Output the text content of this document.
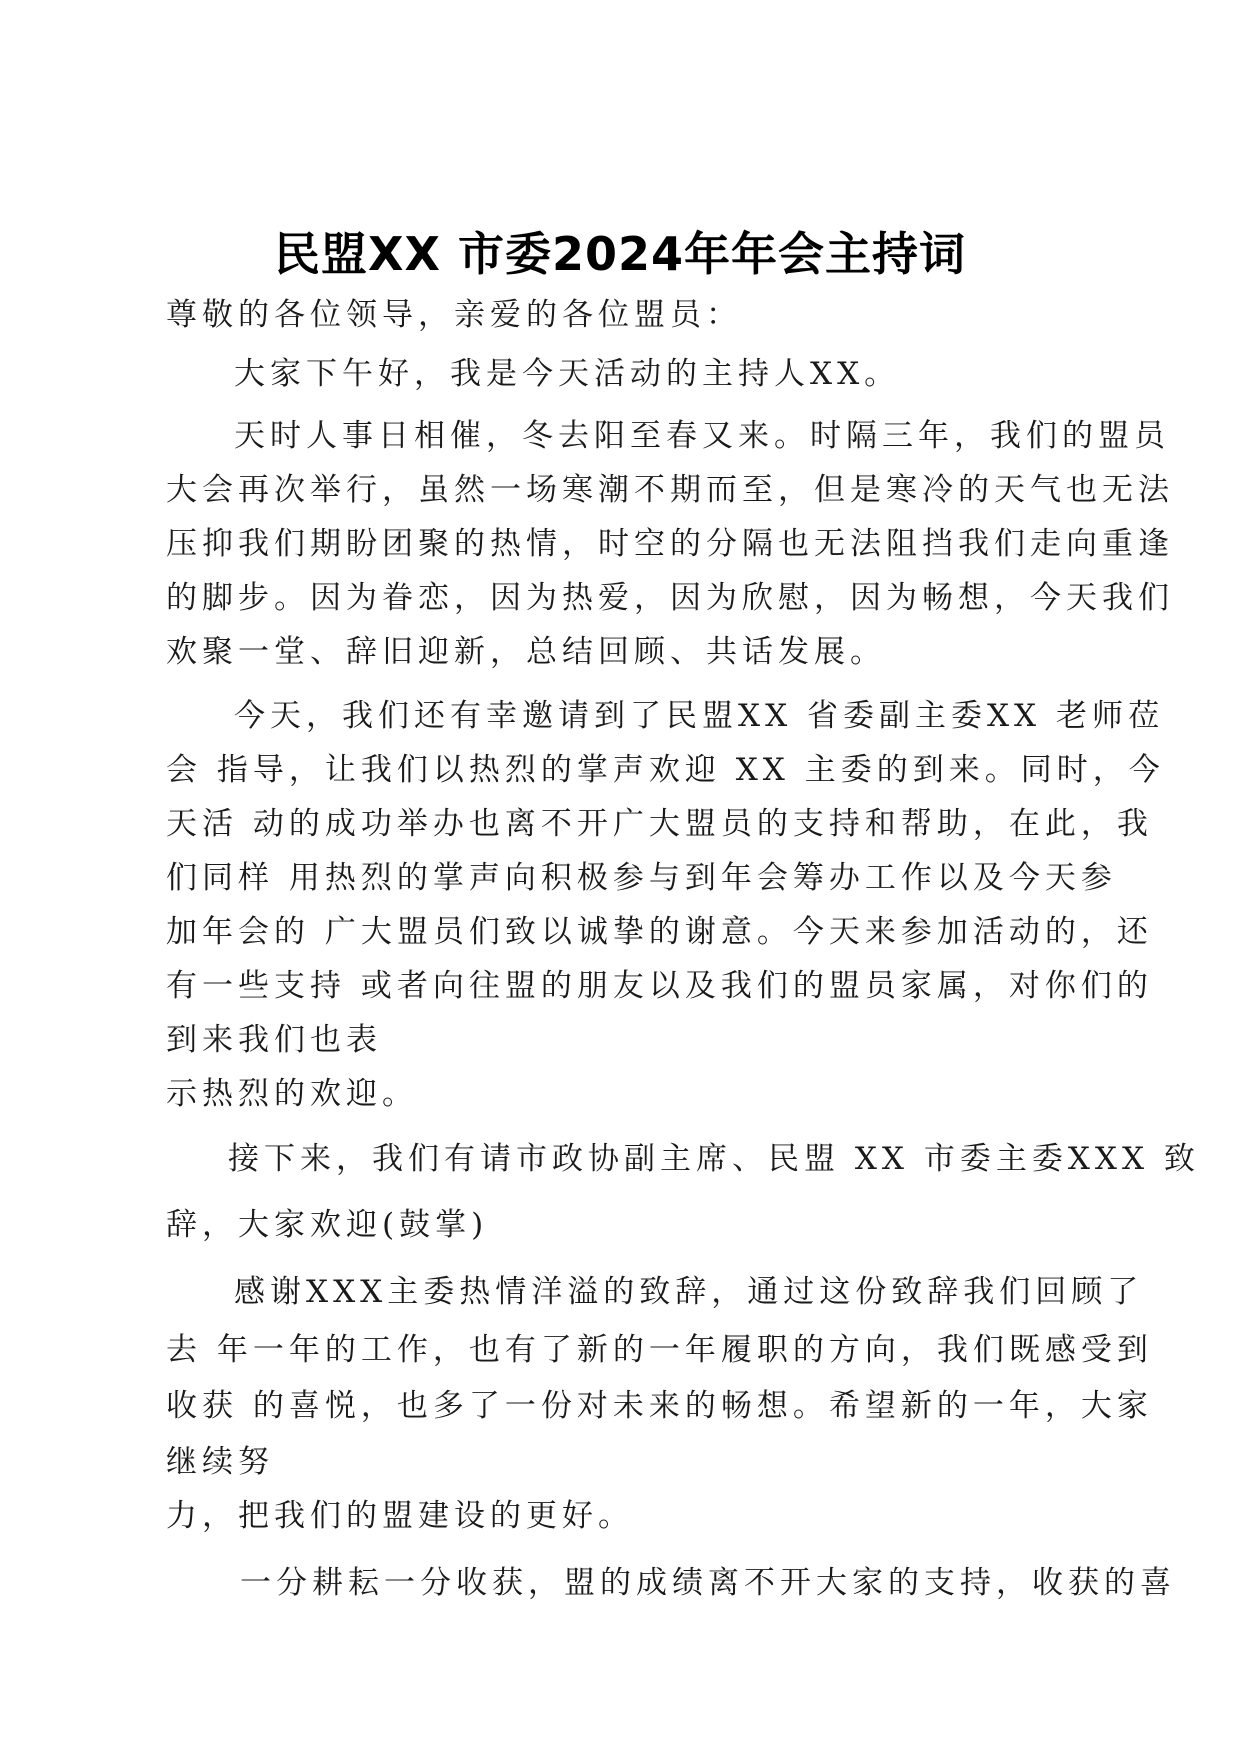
民盟XX 市委2024年年会主持词
尊敬的各位领导，亲爱的各位盟员：
大家下午好，我是今天活动的主持人XX。
天时人事日相催，冬去阳至春又来。时隔三年，我们的盟员
大会再次举行，虽然一场寒潮不期而至，但是寒冷的天气也无法
压抑我们期盼团聚的热情，时空的分隔也无法阻挡我们走向重逢
的脚步。因为眷恋，因为热爱，因为欣慰，因为畅想，今天我们
欢聚一堂、辞旧迎新，总结回顾、共话发展。
今天，我们还有幸邀请到了民盟XX 省委副主委XX 老师莅
会 指导，让我们以热烈的掌声欢迎 XX 主委的到来。同时，今
天活 动的成功举办也离不开广大盟员的支持和帮助，在此，我
们同样 用热烈的掌声向积极参与到年会筹办工作以及今天参
加年会的 广大盟员们致以诚挚的谢意。今天来参加活动的，还
有一些支持 或者向往盟的朋友以及我们的盟员家属，对你们的
到来我们也表
示热烈的欢迎。
接下来，我们有请市政协副主席、民盟 XX 市委主委XXX 致
辞，大家欢迎(鼓掌)
感谢XXX主委热情洋溢的致辞，通过这份致辞我们回顾了
去 年一年的工作，也有了新的一年履职的方向，我们既感受到
收获 的喜悦，也多了一份对未来的畅想。希望新的一年，大家
继续努
力，把我们的盟建设的更好。
一分耕耘一分收获，盟的成绩离不开大家的支持，收获的喜
